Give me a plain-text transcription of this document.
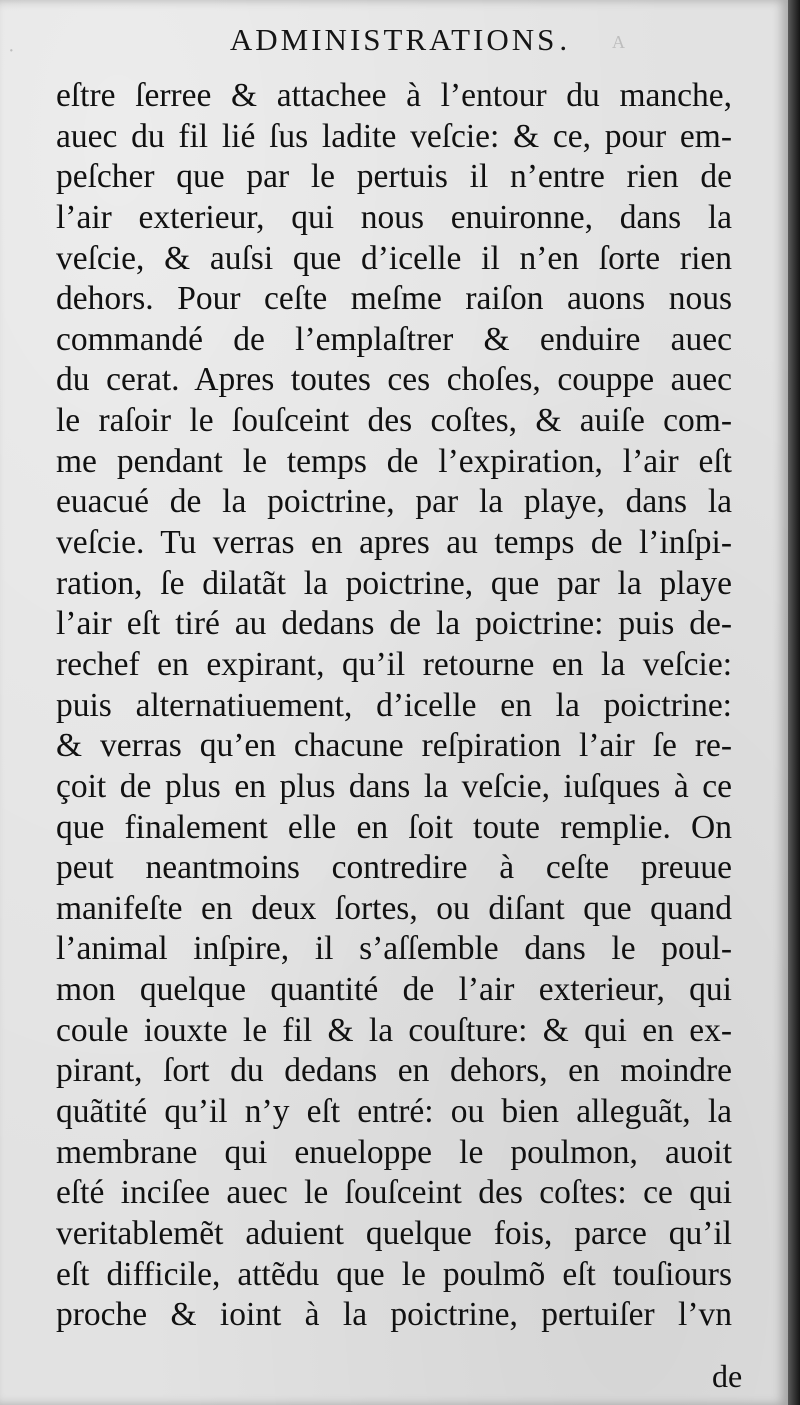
·	A
ADMINISTRATIONS.
eſtre ſerree & attachee à l’entour du manche,
auec du fil lié ſus ladite veſcie: & ce, pour em-
peſcher que par le pertuis il n’entre rien de
l’air exterieur, qui nous enuironne, dans la
veſcie, & auſsi que d’icelle il n’en ſorte rien
dehors. Pour ceſte meſme raiſon auons nous
commandé de l’emplaſtrer & enduire auec
du cerat. Apres toutes ces choſes, couppe auec
le raſoir le ſouſceint des coſtes, & auiſe com-
me pendant le temps de l’expiration, l’air eſt
euacué de la poictrine, par la playe, dans la
veſcie. Tu verras en apres au temps de l’inſpi-
ration, ſe dilatãt la poictrine, que par la playe
l’air eſt tiré au dedans de la poictrine: puis de-
rechef en expirant, qu’il retourne en la veſcie:
puis alternatiuement, d’icelle en la poictrine:
& verras qu’en chacune reſpiration l’air ſe re-
çoit de plus en plus dans la veſcie, iuſques à ce
que finalement elle en ſoit toute remplie. On
peut neantmoins contredire à ceſte preuue
manifeſte en deux ſortes, ou diſant que quand
l’animal inſpire, il s’aſſemble dans le poul-
mon quelque quantité de l’air exterieur, qui
coule iouxte le fil & la couſture: & qui en ex-
pirant, ſort du dedans en dehors, en moindre
quãtité qu’il n’y eſt entré: ou bien alleguãt, la
membrane qui enueloppe le poulmon, auoit
eſté inciſee auec le ſouſceint des coſtes: ce qui
veritablemẽt aduient quelque fois, parce qu’il
eſt difficile, attẽdu que le poulmõ eſt touſiours
proche & ioint à la poictrine, pertuiſer l’vn
de
